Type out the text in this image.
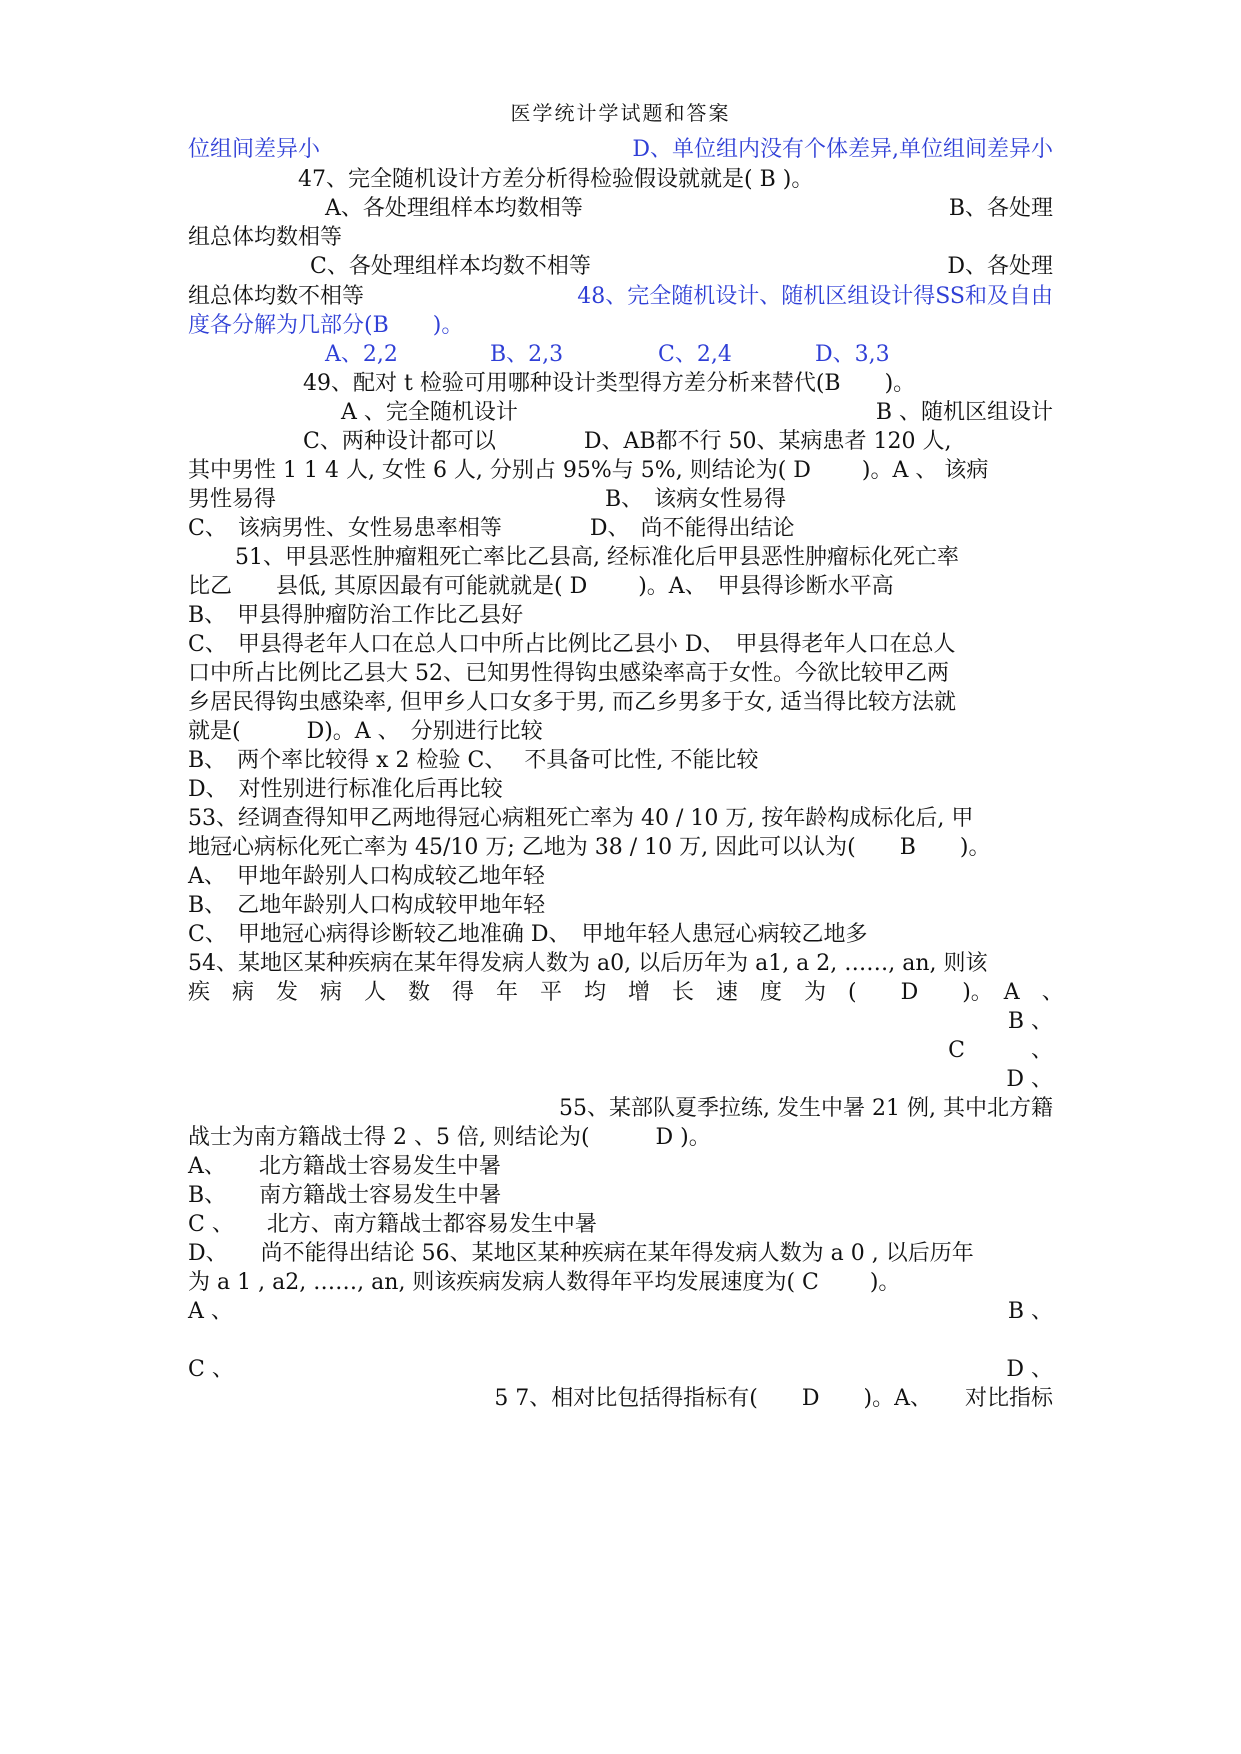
医学统计学试题和答案
位组间差异小	D、单位组内没有个体差异,单位组间差异小
47、完全随机设计方差分析得检验假设就就是( B )。
A、各处理组样本均数相等	B、各处理
组总体均数相等
C、各处理组样本均数不相等	D、各处理
组总体均数不相等	48、完全随机设计、随机区组设计得SS和及自由
度各分解为几部分(B　　)。
A、2,2	B、2,3	C、2,4	D、3,3
49、配对 t 检验可用哪种设计类型得方差分析来替代(B　　)。
A 、完全随机设计	B 、随机区组设计
C、两种设计都可以　　　　D、AB都不行 50、某病患者 120 人,
其中男性 1 1 4 人, 女性 6 人, 分别占 95%与 5%, 则结论为( D　　 )。A 、 该病
男性易得	B、　该病女性易得
C、　该病男性、女性易患率相等　　　　D、　尚不能得出结论
51、甲县恶性肿瘤粗死亡率比乙县高, 经标准化后甲县恶性肿瘤标化死亡率
比乙　　县低, 其原因最有可能就就是( D　　 )。A、　甲县得诊断水平高
B、　甲县得肿瘤防治工作比乙县好
C、　甲县得老年人口在总人口中所占比例比乙县小 D、　甲县得老年人口在总人
口中所占比例比乙县大 52、已知男性得钩虫感染率高于女性。今欲比较甲乙两
乡居民得钩虫感染率, 但甲乡人口女多于男, 而乙乡男多于女, 适当得比较方法就
就是(　　　D)。A 、　分别进行比较
B、　两个率比较得 x 2 检验 C、　 不具备可比性, 不能比较
D、　对性别进行标准化后再比较
53、经调查得知甲乙两地得冠心病粗死亡率为 40 / 10 万, 按年龄构成标化后, 甲
地冠心病标化死亡率为 45/10 万; 乙地为 38 / 10 万, 因此可以认为(　　B　　)。
A、　甲地年龄别人口构成较乙地年轻
B、　乙地年龄别人口构成较甲地年轻
C、　甲地冠心病得诊断较乙地准确 D、　甲地年轻人患冠心病较乙地多
54、某地区某种疾病在某年得发病人数为 a0, 以后历年为 a1, a 2, ……, an, 则该
疾　病　发　病　人　数　得　年　平　均　增　长　速　度　为　(　　D　　)。　A　、
B 、
C　　　、
D 、
55、某部队夏季拉练, 发生中暑 21 例, 其中北方籍
战士为南方籍战士得 2 、5 倍, 则结论为(　　　D )。
A、　　北方籍战士容易发生中暑
B、　　南方籍战士容易发生中暑
C 、　　北方、南方籍战士都容易发生中暑
D、　　尚不能得出结论 56、某地区某种疾病在某年得发病人数为 a 0 , 以后历年
为 a 1 , a2, ……, an, 则该疾病发病人数得年平均发展速度为( C　　 )。
A 、	B 、
C 、	D 、
5 7、相对比包括得指标有(　　D　　)。A、　　对比指标
